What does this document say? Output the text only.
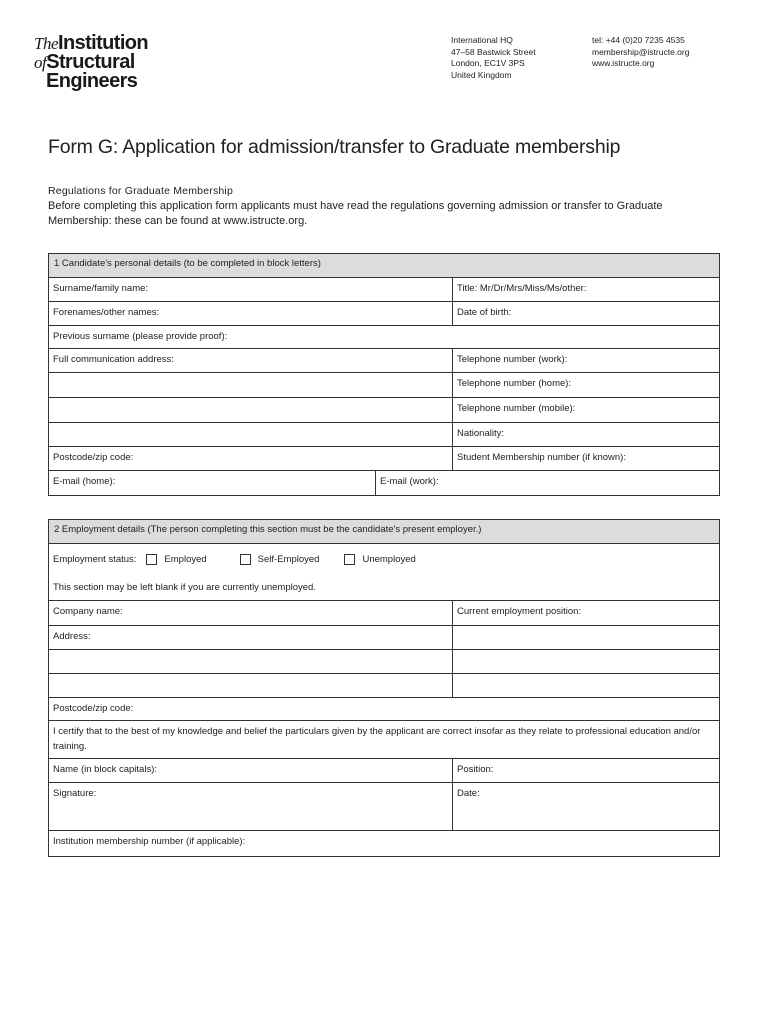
TheInstitution
ofStructural
Engineers
International HQ
47–58 Bastwick Street
London, EC1V 3PS
United Kingdom
tel: +44 (0)20 7235 4535
membership@istructe.org
www.istructe.org
Form G: Application for admission/transfer to Graduate membership
Regulations for Graduate Membership
Before completing this application form applicants must have read the regulations governing admission or transfer to Graduate Membership: these can be found at www.istructe.org.
1 Candidate's personal details (to be completed in block letters)
Surname/family name:	Title: Mr/Dr/Mrs/Miss/Ms/other:
Forenames/other names:	Date of birth:
Previous surname (please provide proof):
Full communication address:	Telephone number (work):
Telephone number (home):
Telephone number (mobile):
Nationality:
Postcode/zip code:	Student Membership number (if known):
E-mail (home):	E-mail (work):
2 Employment details (The person completing this section must be the candidate's present employer.)
Employment status:	Employed	Self-Employed	Unemployed
This section may be left blank if you are currently unemployed.
Company name:	Current employment position:
Address:
Postcode/zip code:
I certify that to the best of my knowledge and belief the particulars given by the applicant are correct insofar as they relate to professional education and/or training.
Name (in block capitals):	Position:
Signature:	Date:
Institution membership number (if applicable):
